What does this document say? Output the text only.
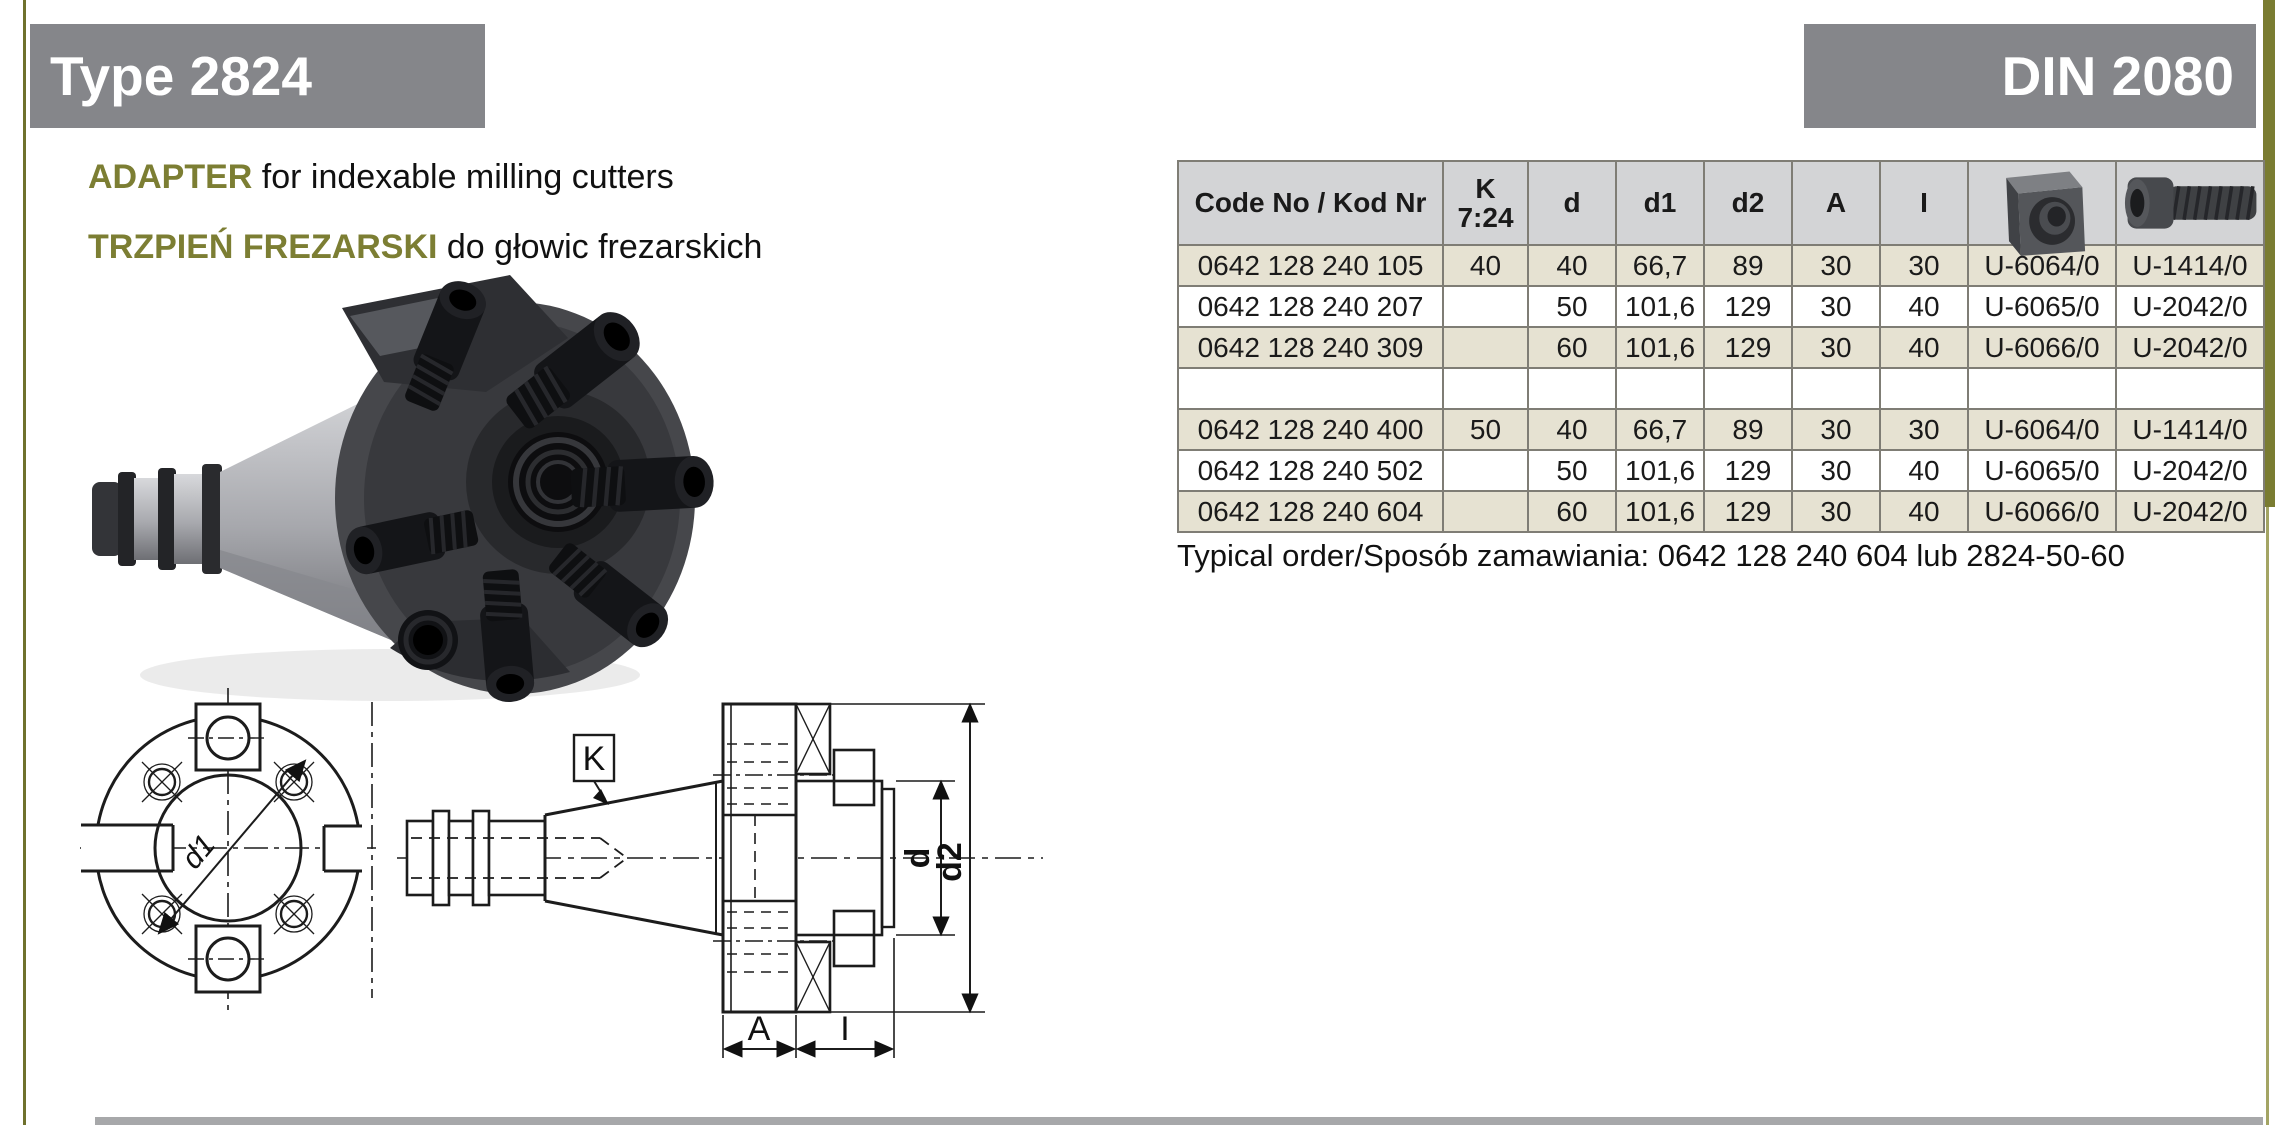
Type 2824	DIN 2080
ADAPTER for indexable milling cutters
TRZPIEŃ FREZARSKI do głowic frezarskich
d1
K
d
d2
A I
Code No / Kod Nr	K
7:24	d	d1	d2	A	I	

0642 128 240 105	40	40	66,7	89	30	30	U-6064/0	U-1414/0
0642 128 240 207		50	101,6	129	30	40	U-6065/0	U-2042/0
0642 128 240 309		60	101,6	129	30	40	U-6066/0	U-2042/0

0642 128 240 400	50	40	66,7	89	30	30	U-6064/0	U-1414/0
0642 128 240 502		50	101,6	129	30	40	U-6065/0	U-2042/0
0642 128 240 604		60	101,6	129	30	40	U-6066/0	U-2042/0
Typical order/Sposób zamawiania: 0642 128 240 604 lub 2824-50-60
